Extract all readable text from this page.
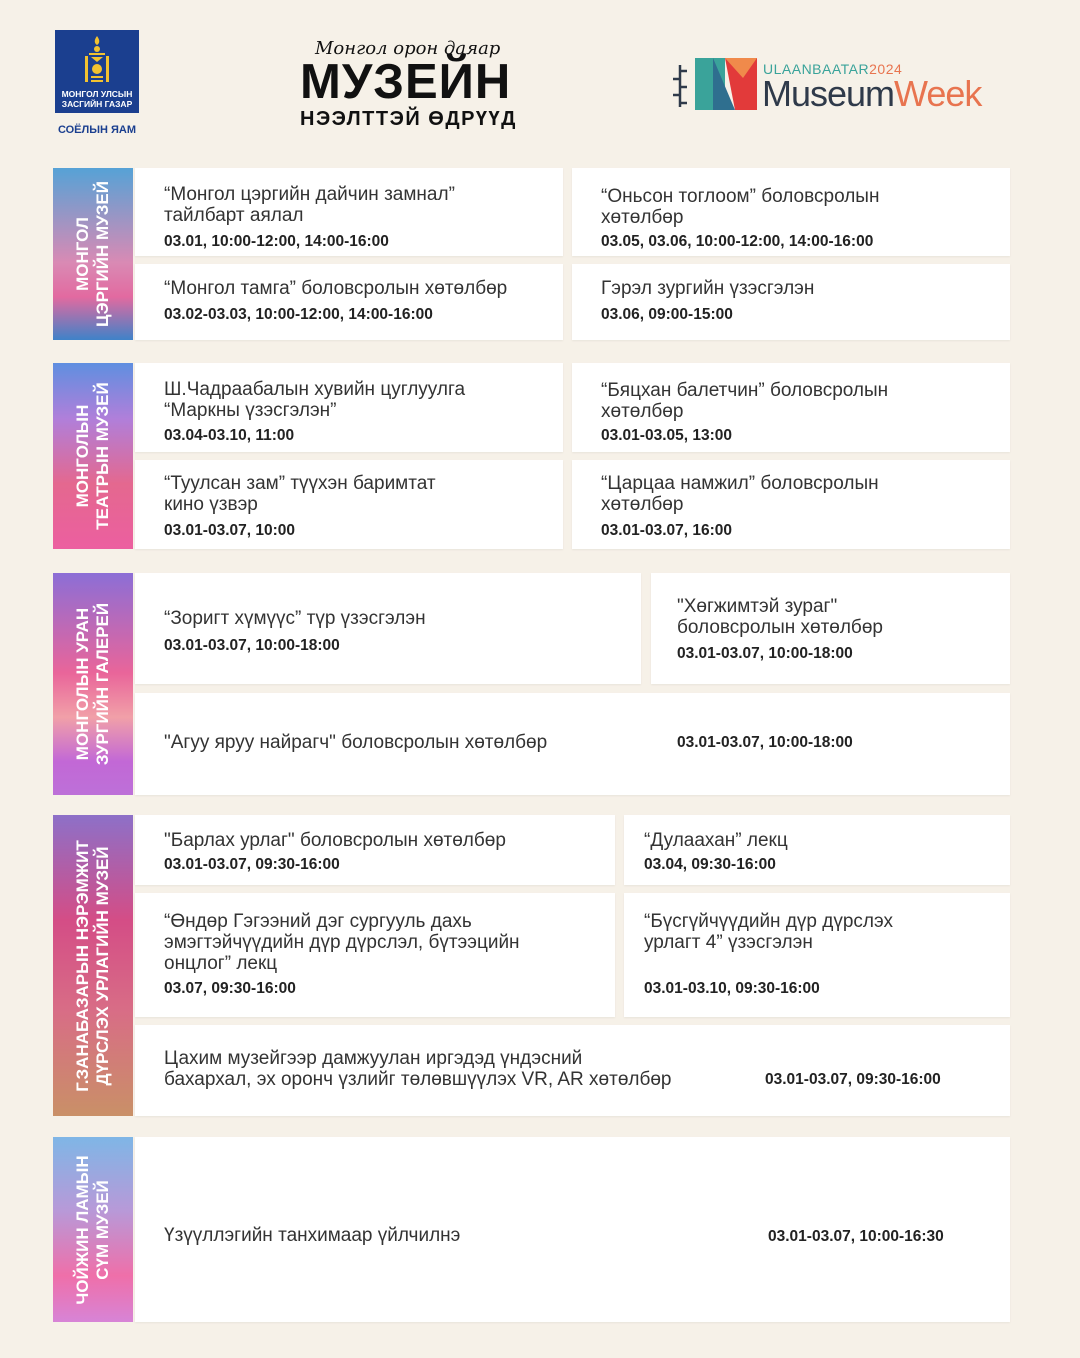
МОНГОЛ УЛСЫН
ЗАСГИЙН ГАЗАР
СОЁЛЫН ЯАМ
Монгол орон даяар
МУЗЕЙН
НЭЭЛТТЭЙ ӨДРҮҮД
ULAANBAATAR2024
MuseumWeek
МОНГОЛ
ЦЭРГИЙН МУЗЕЙ	“Монгол цэргийн дайчин замнал”
тайлбарт аялал
03.01, 10:00-12:00, 14:00-16:00
“Оньсон тоглоом” боловсролын
хөтөлбөр
03.05, 03.06, 10:00-12:00, 14:00-16:00
“Монгол тамга” боловсролын хөтөлбөр
03.02-03.03, 10:00-12:00, 14:00-16:00
Гэрэл зургийн үзэсгэлэн
03.06, 09:00-15:00
МОНГОЛЫН
ТЕАТРЫН МУЗЕЙ	Ш.Чадраабалын хувийн цуглуулга
“Маркны үзэсгэлэн”
03.04-03.10, 11:00
“Бяцхан балетчин” боловсролын
хөтөлбөр
03.01-03.05, 13:00
“Туулсан зам” түүхэн баримтат
кино үзвэр
03.01-03.07, 10:00
“Царцаа намжил” боловсролын
хөтөлбөр
03.01-03.07, 16:00
МОНГОЛЫН УРАН
ЗУРГИЙН ГАЛЕРЕЙ	“Зоригт хүмүүс” түр үзэсгэлэн
03.01-03.07, 10:00-18:00
"Хөгжимтэй зураг"
боловсролын хөтөлбөр
03.01-03.07, 10:00-18:00
"Агуу яруу найрагч" боловсролын хөтөлбөр	03.01-03.07, 10:00-18:00
Г.ЗАНАБАЗАРЫН НЭРЭМЖИТ
ДҮРСЛЭХ УРЛАГИЙН МУЗЕЙ
"Барлах урлаг" боловсролын хөтөлбөр
03.01-03.07, 09:30-16:00
“Дулаахан” лекц
03.04, 09:30-16:00
“Өндөр Гэгээний дэг сургууль дахь
эмэгтэйчүүдийн дүр дүрслэл, бүтээцийн
онцлог” лекц
03.07, 09:30-16:00
“Бүсгүйчүүдийн дүр дүрслэх
урлагт 4” үзэсгэлэн
03.01-03.10, 09:30-16:00
Цахим музейгээр дамжуулан иргэдэд үндэсний
бахархал, эх оронч үзлийг төлөвшүүлэх VR, AR хөтөлбөр	03.01-03.07, 09:30-16:00
ЧОЙЖИН ЛАМЫН
СҮМ МУЗЕЙ	Үзүүллэгийн танхимаар үйлчилнэ	03.01-03.07, 10:00-16:30
